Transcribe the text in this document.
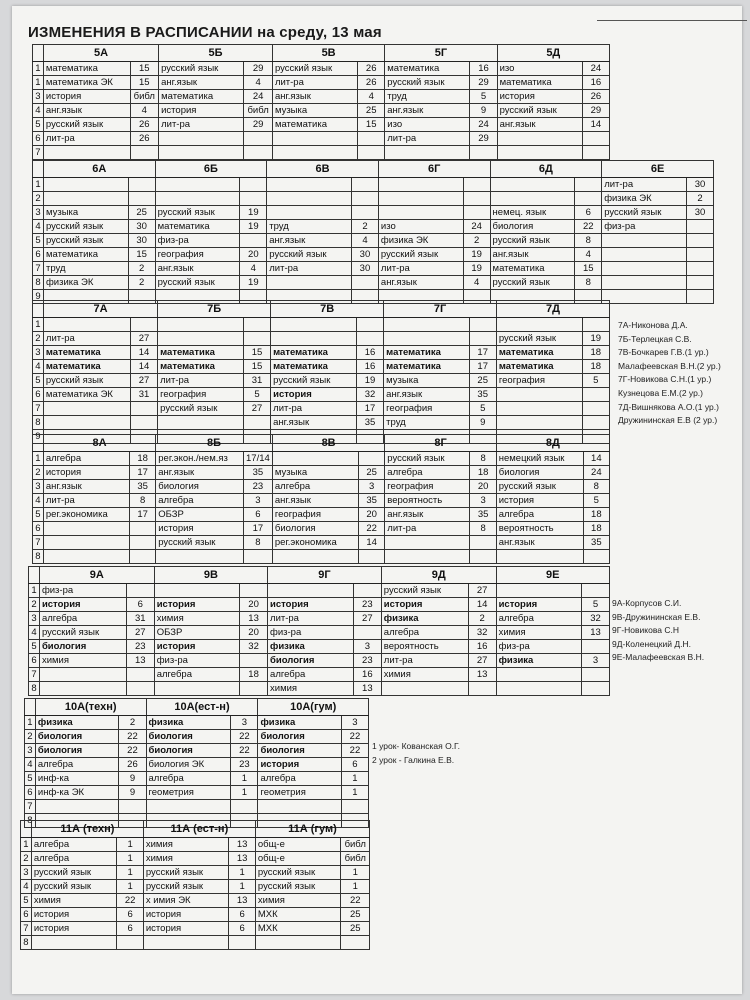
ИЗМЕНЕНИЯ В РАСПИСАНИИ на среду, 13 мая
	5А		5Б		5В		5Г		5Д	
1	математика	15	русский язык	29	русский язык	26	математика	16	изо	24
1	математика ЭК	15	анг.язык	4	лит-ра	26	русский язык	29	математика	16
3	история	библ	математика	24	анг.язык	4	труд	5	история	26
4	анг.язык	4	история	библ	музыка	25	анг.язык	9	русский язык	29
5	русский язык	26	лит-ра	29	математика	15	изо	24	анг.язык	14
6	лит-ра	26					лит-ра	29		
7										
	6А		6Б		6В		6Г		6Д		6Е	
1											лит-ра	30
2											физика ЭК	2
3	музыка	25	русский язык	19					немец. язык	6	русский язык	30
4	русский язык	30	математика	19	труд	2	изо	24	биология	22	физ-ра	
5	русский язык	30	физ-ра		анг.язык	4	физика ЭК	2	русский язык	8		
6	математика	15	география	20	русский язык	30	русский язык	19	анг.язык	4		
7	труд	2	анг.язык	4	лит-ра	30	лит-ра	19	математика	15		
8	физика ЭК	2	русский язык	19			анг.язык	4	русский язык	8		
9												
	7А		7Б		7В		7Г		7Д	
1										
2	лит-ра	27							русский язык	19
3	математика	14	математика	15	математика	16	математика	17	математика	18
4	математика	14	математика	15	математика	16	математика	17	математика	18
5	русский язык	27	лит-ра	31	русский язык	19	музыка	25	география	5
6	математика ЭК	31	география	5	история	32	анг.язык	35		
7			русский язык	27	лит-ра	17	география	5		
8					анг.язык	35	труд	9		
9										
	8А		8Б		8В		8Г		8Д	
1	алгебра	18	рег.экон./нем.яз	17/14			русский язык	8	немецкий язык	14
2	история	17	анг.язык	35	музыка	25	алгебра	18	биология	24
3	анг.язык	35	биология	23	алгебра	3	география	20	русский язык	8
4	лит-ра	8	алгебра	3	анг.язык	35	вероятность	3	история	5
5	рег.экономика	17	ОБЗР	6	география	20	анг.язык	35	алгебра	18
6			история	17	биология	22	лит-ра	8	вероятность	18
7			русский язык	8	рег.экономика	14			анг.язык	35
8										
	9А		9В		9Г		9Д		9Е	
1	физ-ра						русский язык	27		
2	история	6	история	20	история	23	история	14	история	5
3	алгебра	31	химия	13	лит-ра	27	физика	2	алгебра	32
4	русский язык	27	ОБЗР	20	физ-ра		алгебра	32	химия	13
5	биология	23	история	32	физика	3	вероятность	16	физ-ра	
6	химия	13	физ-ра		биология	23	лит-ра	27	физика	3
7			алгебра	18	алгебра	16	химия	13		
8					химия	13				
	10А(техн)		10А(ест-н)		10А(гум)	
1	физика	2	физика	3	физика	3
2	биология	22	биология	22	биология	22
3	биология	22	биология	22	биология	22
4	алгебра	26	биология ЭК	23	история	6
5	инф-ка	9	алгебра	1	алгебра	1
6	инф-ка ЭК	9	геометрия	1	геометрия	1
7						
8						
	11А (техн)		11А (ест-н)		11А (гум)	
1	алгебра	1	химия	13	общ-е	библ
2	алгебра	1	химия	13	общ-е	библ
3	русский язык	1	русский язык	1	русский язык	1
4	русский язык	1	русский язык	1	русский язык	1
5	химия	22	х имия ЭК	13	химия	22
6	история	6	история	6	МХК	25
7	история	6	история	6	МХК	25
8						
7А-Никонова Д.А.
7Б-Терлецкая С.В.
7В-Бочкарев Г.В.(1 ур.)
Малафеевская В.Н.(2 ур.)
7Г-Новикова С.Н.(1 ур.)
Кузнецова Е.М.(2 ур.)
7Д-Вишнякова А.О.(1 ур.)
Дружининская Е.В (2 ур.)
9А-Корпусов С.И.
9В-Дружининская Е.В.
9Г-Новикова С.Н
9Д-Коленецкий Д.Н.
9Е-Малафеевская В.Н.
1 урок- Ковaнская О.Г.
2 урок - Галкина Е.В.
